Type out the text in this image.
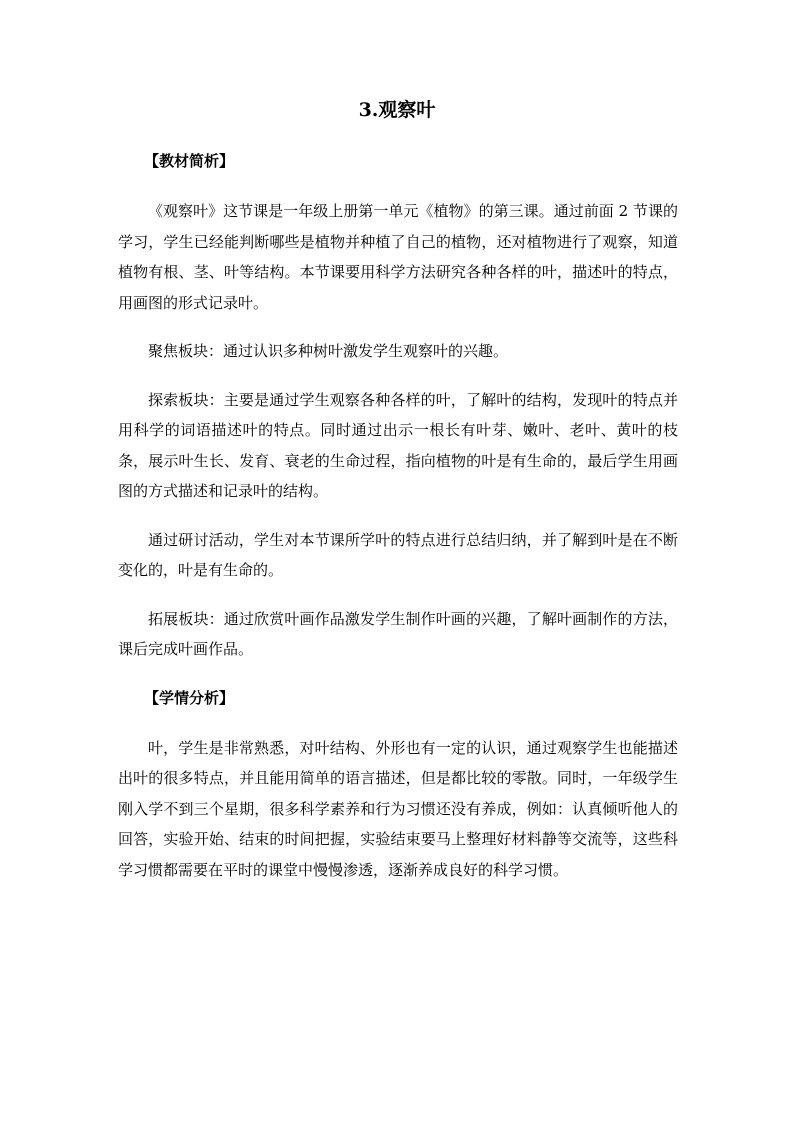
3.观察叶

【教材简析】

《观察叶》这节课是一年级上册第一单元《植物》的第三课。通过前面 2 节课的学习，学生已经能判断哪些是植物并种植了自己的植物，还对植物进行了观察，知道植物有根、茎、叶等结构。本节课要用科学方法研究各种各样的叶，描述叶的特点，用画图的形式记录叶。

聚焦板块：通过认识多种树叶激发学生观察叶的兴趣。

探索板块：主要是通过学生观察各种各样的叶，了解叶的结构，发现叶的特点并用科学的词语描述叶的特点。同时通过出示一根长有叶芽、嫩叶、老叶、黄叶的枝条，展示叶生长、发育、衰老的生命过程，指向植物的叶是有生命的，最后学生用画图的方式描述和记录叶的结构。

通过研讨活动，学生对本节课所学叶的特点进行总结归纳，并了解到叶是在不断变化的，叶是有生命的。

拓展板块：通过欣赏叶画作品激发学生制作叶画的兴趣，了解叶画制作的方法，课后完成叶画作品。

【学情分析】

叶，学生是非常熟悉，对叶结构、外形也有一定的认识，通过观察学生也能描述出叶的很多特点，并且能用简单的语言描述，但是都比较的零散。同时，一年级学生刚入学不到三个星期，很多科学素养和行为习惯还没有养成，例如：认真倾听他人的回答，实验开始、结束的时间把握，实验结束要马上整理好材料静等交流等，这些科学习惯都需要在平时的课堂中慢慢渗透，逐渐养成良好的科学习惯。
